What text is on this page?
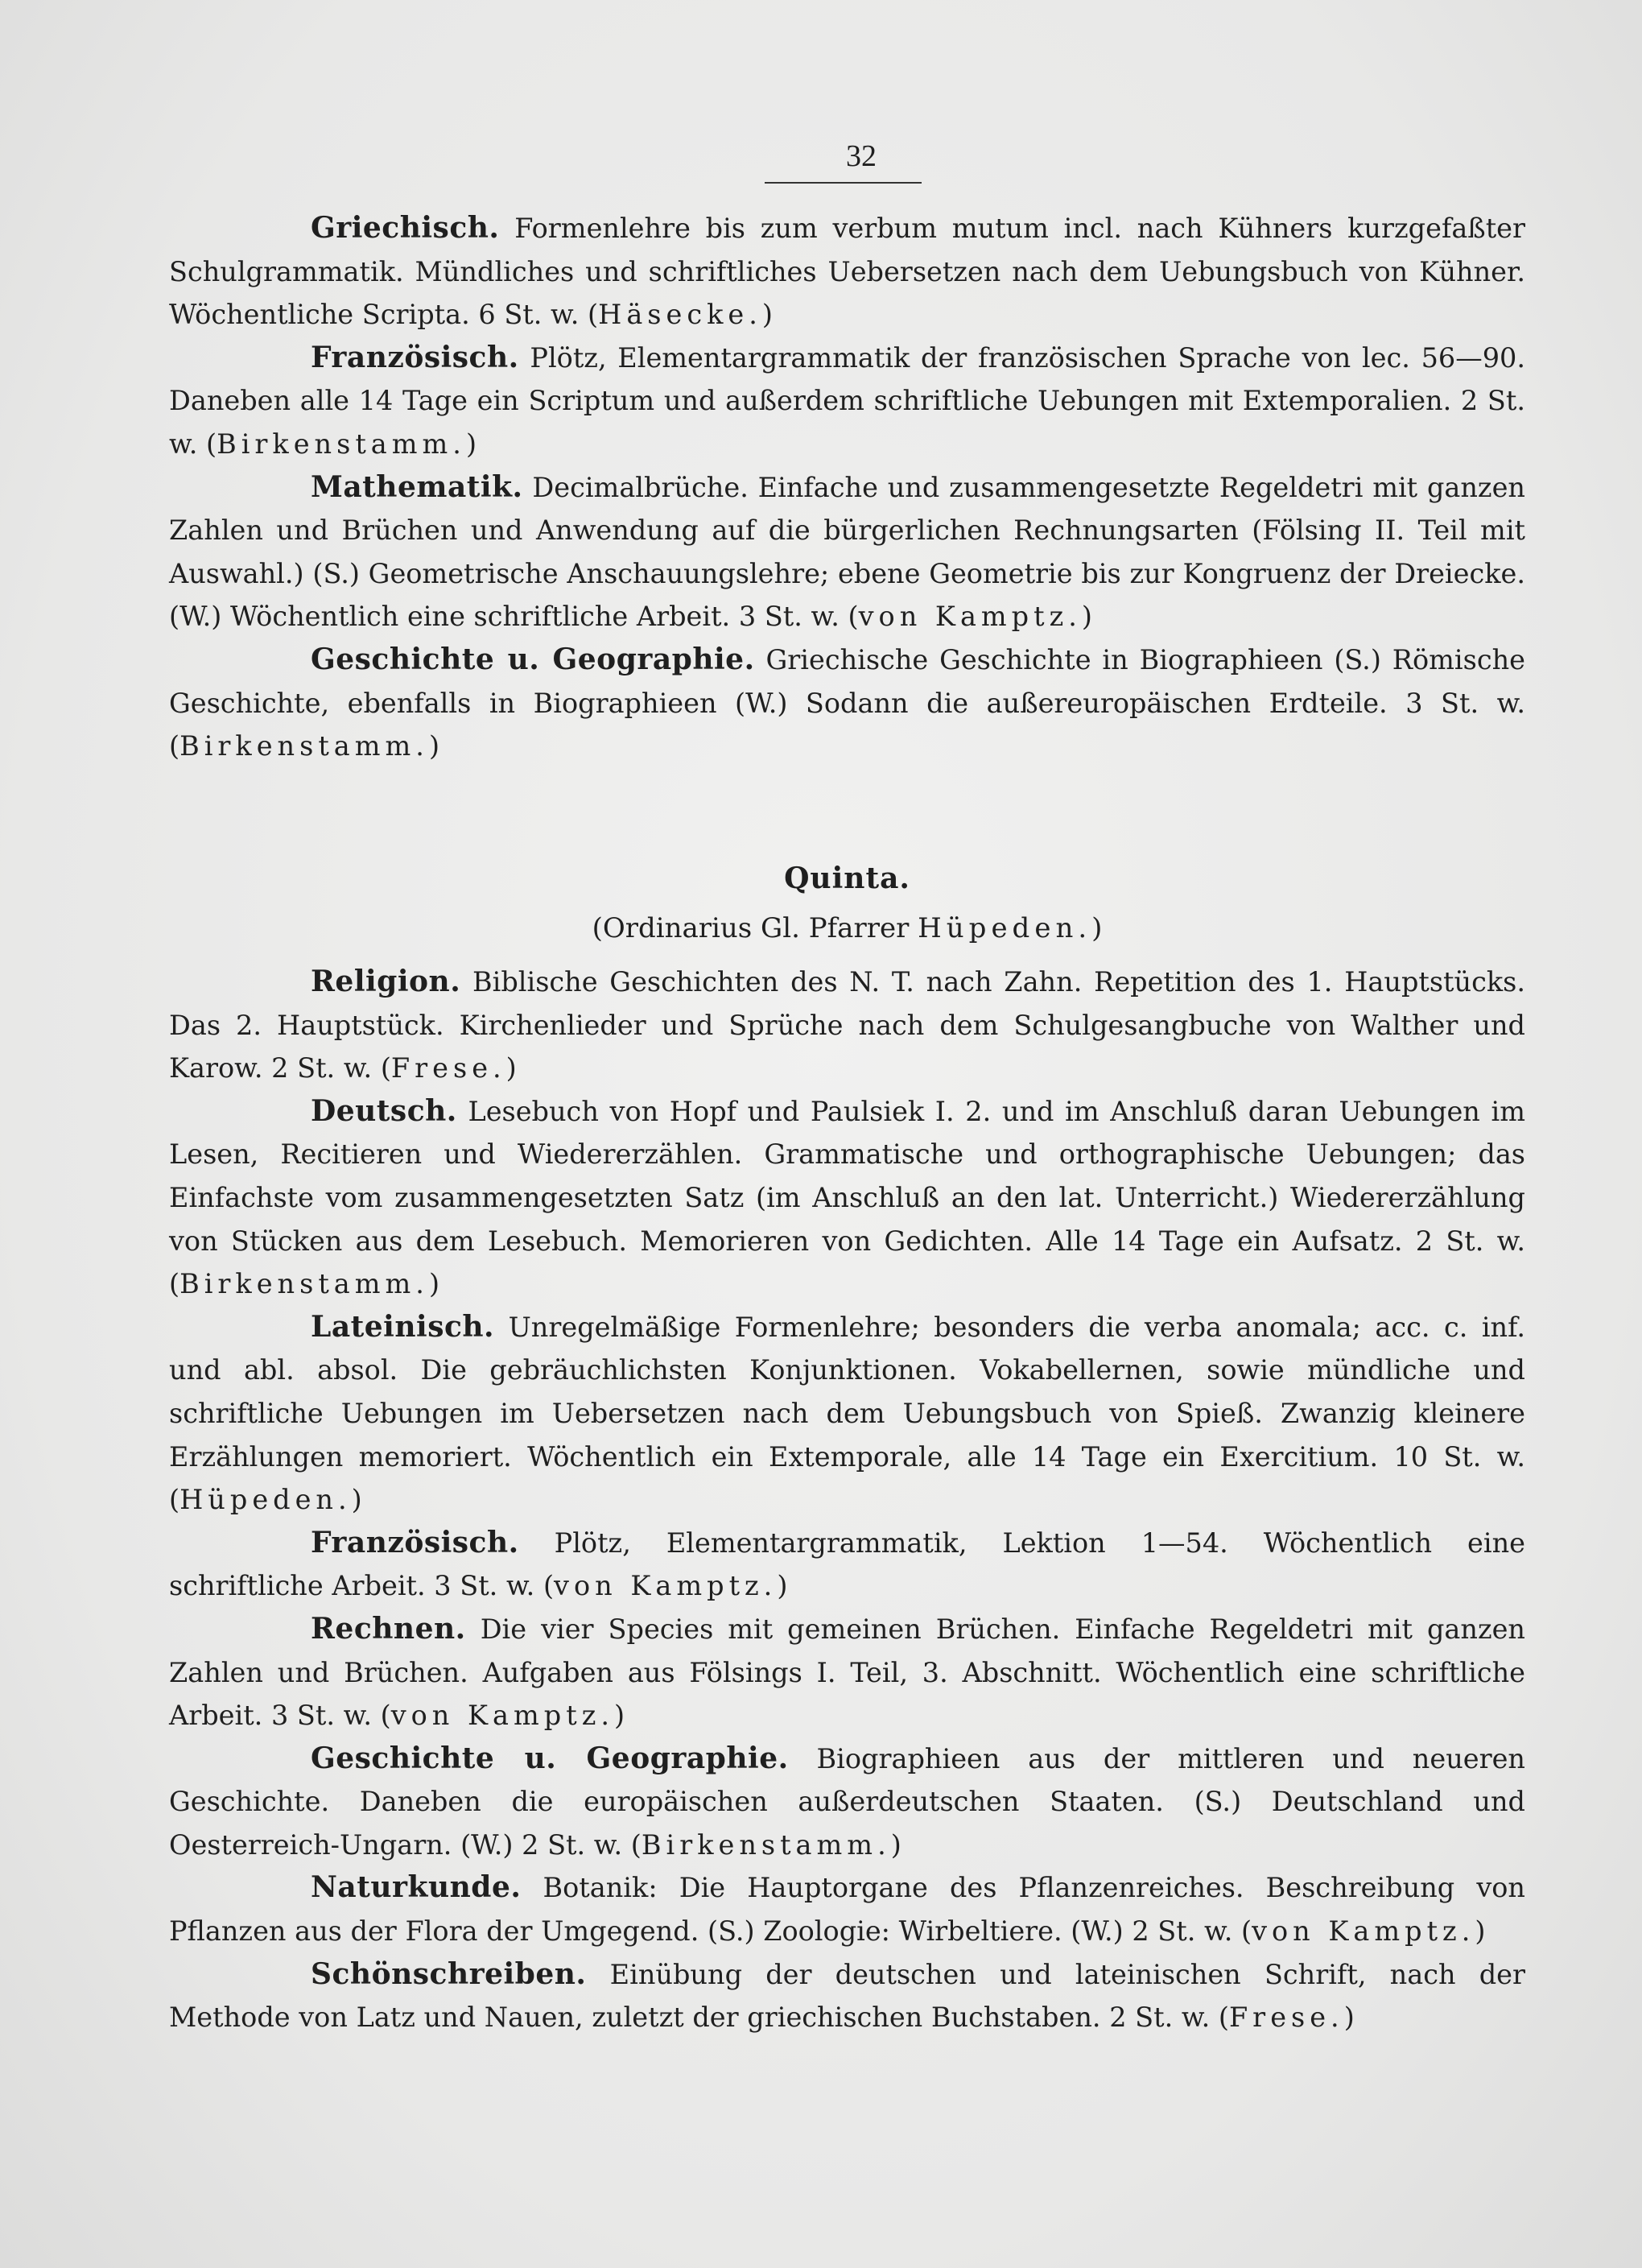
32

Griechisch. Formenlehre bis zum verbum mutum incl. nach Kühners kurzgefaßter Schulgrammatik. Mündliches und schriftliches Uebersetzen nach dem Uebungsbuch von Kühner. Wöchentliche Scripta. 6 St. w. (Häsecke.)

Französisch. Plötz, Elementargrammatik der französischen Sprache von lec. 56—90. Daneben alle 14 Tage ein Scriptum und außerdem schriftliche Uebungen mit Extemporalien. 2 St. w. (Birkenstamm.)

Mathematik. Decimalbrüche. Einfache und zusammengesetzte Regeldetri mit ganzen Zahlen und Brüchen und Anwendung auf die bürgerlichen Rechnungsarten (Fölsing II. Teil mit Auswahl.) (S.) Geometrische Anschauungslehre; ebene Geometrie bis zur Kongruenz der Dreiecke. (W.) Wöchentlich eine schriftliche Arbeit. 3 St. w. (von Kamptz.)

Geschichte u. Geographie. Griechische Geschichte in Biographieen (S.) Römische Geschichte, ebenfalls in Biographieen (W.) Sodann die außereuropäischen Erdteile. 3 St. w. (Birkenstamm.)

Quinta.
(Ordinarius Gl. Pfarrer Hüpeden.)

Religion. Biblische Geschichten des N. T. nach Zahn. Repetition des 1. Hauptstücks. Das 2. Hauptstück. Kirchenlieder und Sprüche nach dem Schulgesangbuche von Walther und Karow. 2 St. w. (Frese.)

Deutsch. Lesebuch von Hopf und Paulsiek I. 2. und im Anschluß daran Uebungen im Lesen, Recitieren und Wiedererzählen. Grammatische und orthographische Uebungen; das Einfachste vom zusammengesetzten Satz (im Anschluß an den lat. Unterricht.) Wiedererzählung von Stücken aus dem Lesebuch. Memorieren von Gedichten. Alle 14 Tage ein Aufsatz. 2 St. w. (Birkenstamm.)

Lateinisch. Unregelmäßige Formenlehre; besonders die verba anomala; acc. c. inf. und abl. absol. Die gebräuchlichsten Konjunktionen. Vokabellernen, sowie mündliche und schriftliche Uebungen im Uebersetzen nach dem Uebungsbuch von Spieß. Zwanzig kleinere Erzählungen memoriert. Wöchentlich ein Extemporale, alle 14 Tage ein Exercitium. 10 St. w. (Hüpeden.)

Französisch. Plötz, Elementargrammatik, Lektion 1—54. Wöchentlich eine schriftliche Arbeit. 3 St. w. (von Kamptz.)

Rechnen. Die vier Species mit gemeinen Brüchen. Einfache Regeldetri mit ganzen Zahlen und Brüchen. Aufgaben aus Fölsings I. Teil, 3. Abschnitt. Wöchentlich eine schriftliche Arbeit. 3 St. w. (von Kamptz.)

Geschichte u. Geographie. Biographieen aus der mittleren und neueren Geschichte. Daneben die europäischen außerdeutschen Staaten. (S.) Deutschland und Oesterreich-Ungarn. (W.) 2 St. w. (Birkenstamm.)

Naturkunde. Botanik: Die Hauptorgane des Pflanzenreiches. Beschreibung von Pflanzen aus der Flora der Umgegend. (S.) Zoologie: Wirbeltiere. (W.) 2 St. w. (von Kamptz.)

Schönschreiben. Einübung der deutschen und lateinischen Schrift, nach der Methode von Latz und Nauen, zuletzt der griechischen Buchstaben. 2 St. w. (Frese.)
